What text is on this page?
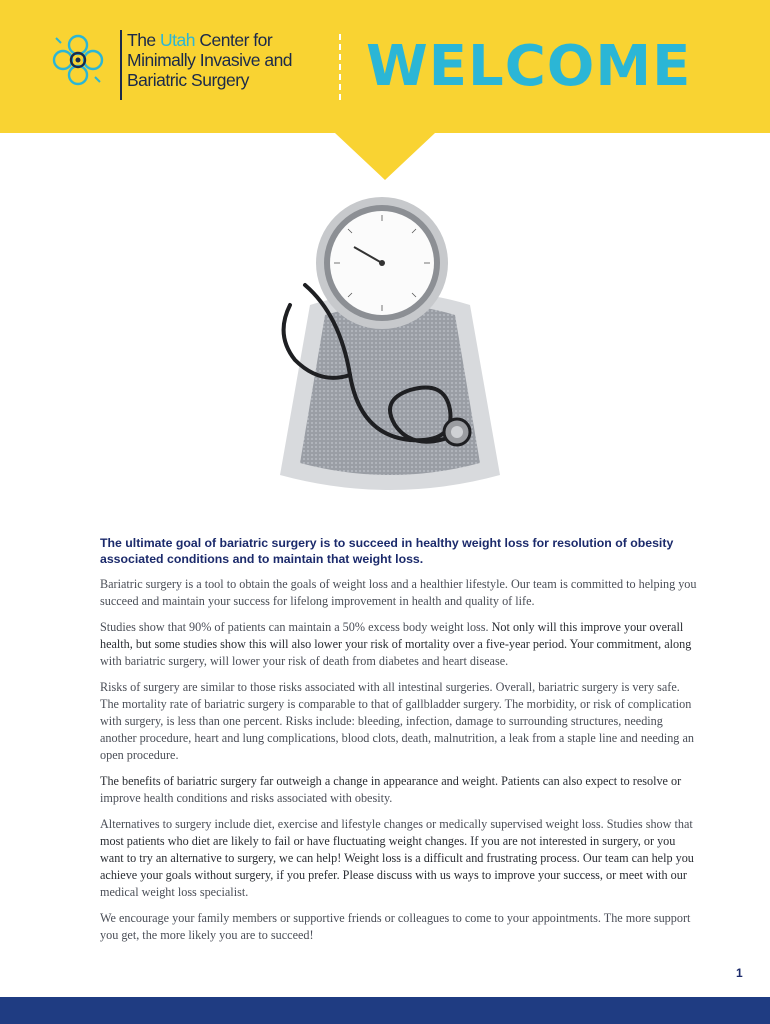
The Utah Center for
Minimally Invasive and
Bariatric Surgery	WELCOME

The ultimate goal of bariatric surgery is to succeed in healthy weight loss for resolution of obesity associated conditions and to maintain that weight loss.

Bariatric surgery is a tool to obtain the goals of weight loss and a healthier lifestyle. Our team is committed to helping you succeed and maintain your success for lifelong improvement in health and quality of life.

Studies show that 90% of patients can maintain a 50% excess body weight loss. Not only will this improve your overall health, but some studies show this will also lower your risk of mortality over a five-year period. Your commitment, along with bariatric surgery, will lower your risk of death from diabetes and heart disease.

Risks of surgery are similar to those risks associated with all intestinal surgeries. Overall, bariatric surgery is very safe. The mortality rate of bariatric surgery is comparable to that of gallbladder surgery. The morbidity, or risk of complication with surgery, is less than one percent. Risks include: bleeding, infection, damage to surrounding structures, needing another procedure, heart and lung complications, blood clots, death, malnutrition, a leak from a staple line and needing an open procedure.

The benefits of bariatric surgery far outweigh a change in appearance and weight. Patients can also expect to resolve or improve health conditions and risks associated with obesity.

Alternatives to surgery include diet, exercise and lifestyle changes or medically supervised weight loss. Studies show that most patients who diet are likely to fail or have fluctuating weight changes. If you are not interested in surgery, or you want to try an alternative to surgery, we can help! Weight loss is a difficult and frustrating process. Our team can help you achieve your goals without surgery, if you prefer. Please discuss with us ways to improve your success, or meet with our medical weight loss specialist.

We encourage your family members or supportive friends or colleagues to come to your appointments. The more support you get, the more likely you are to succeed!

1
